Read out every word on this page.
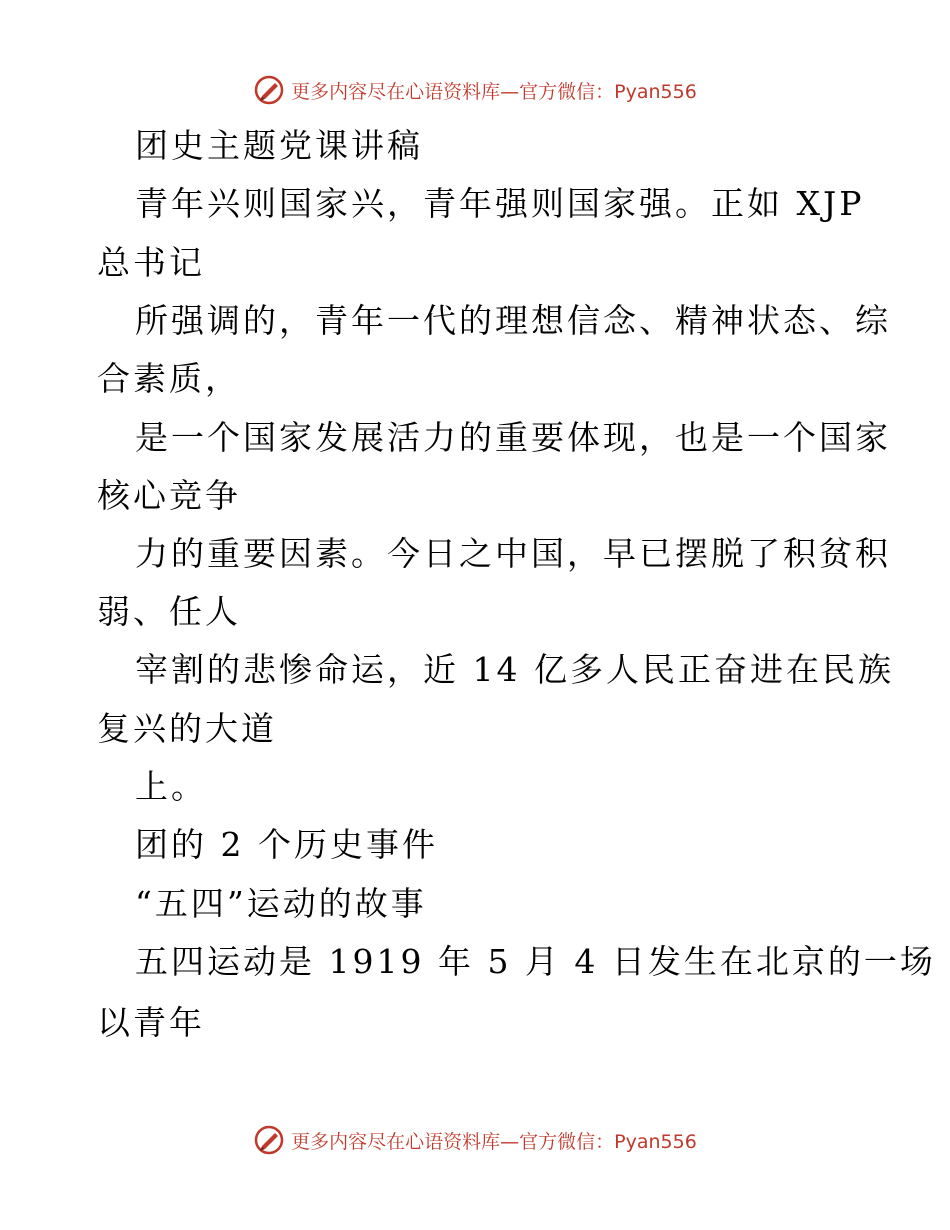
更多内容尽在心语资料库—官方微信：Pyan556
团史主题党课讲稿
青年兴则国家兴，青年强则国家强。正如 XJP
总书记
所强调的，青年一代的理想信念、精神状态、综
合素质，
是一个国家发展活力的重要体现，也是一个国家
核心竞争
力的重要因素。今日之中国，早已摆脱了积贫积
弱、任人
宰割的悲惨命运，近 14 亿多人民正奋进在民族
复兴的大道
上。
团的 2 个历史事件
“五四”运动的故事
五四运动是 1919 年 5 月 4 日发生在北京的一场
以青年
更多内容尽在心语资料库—官方微信：Pyan556
